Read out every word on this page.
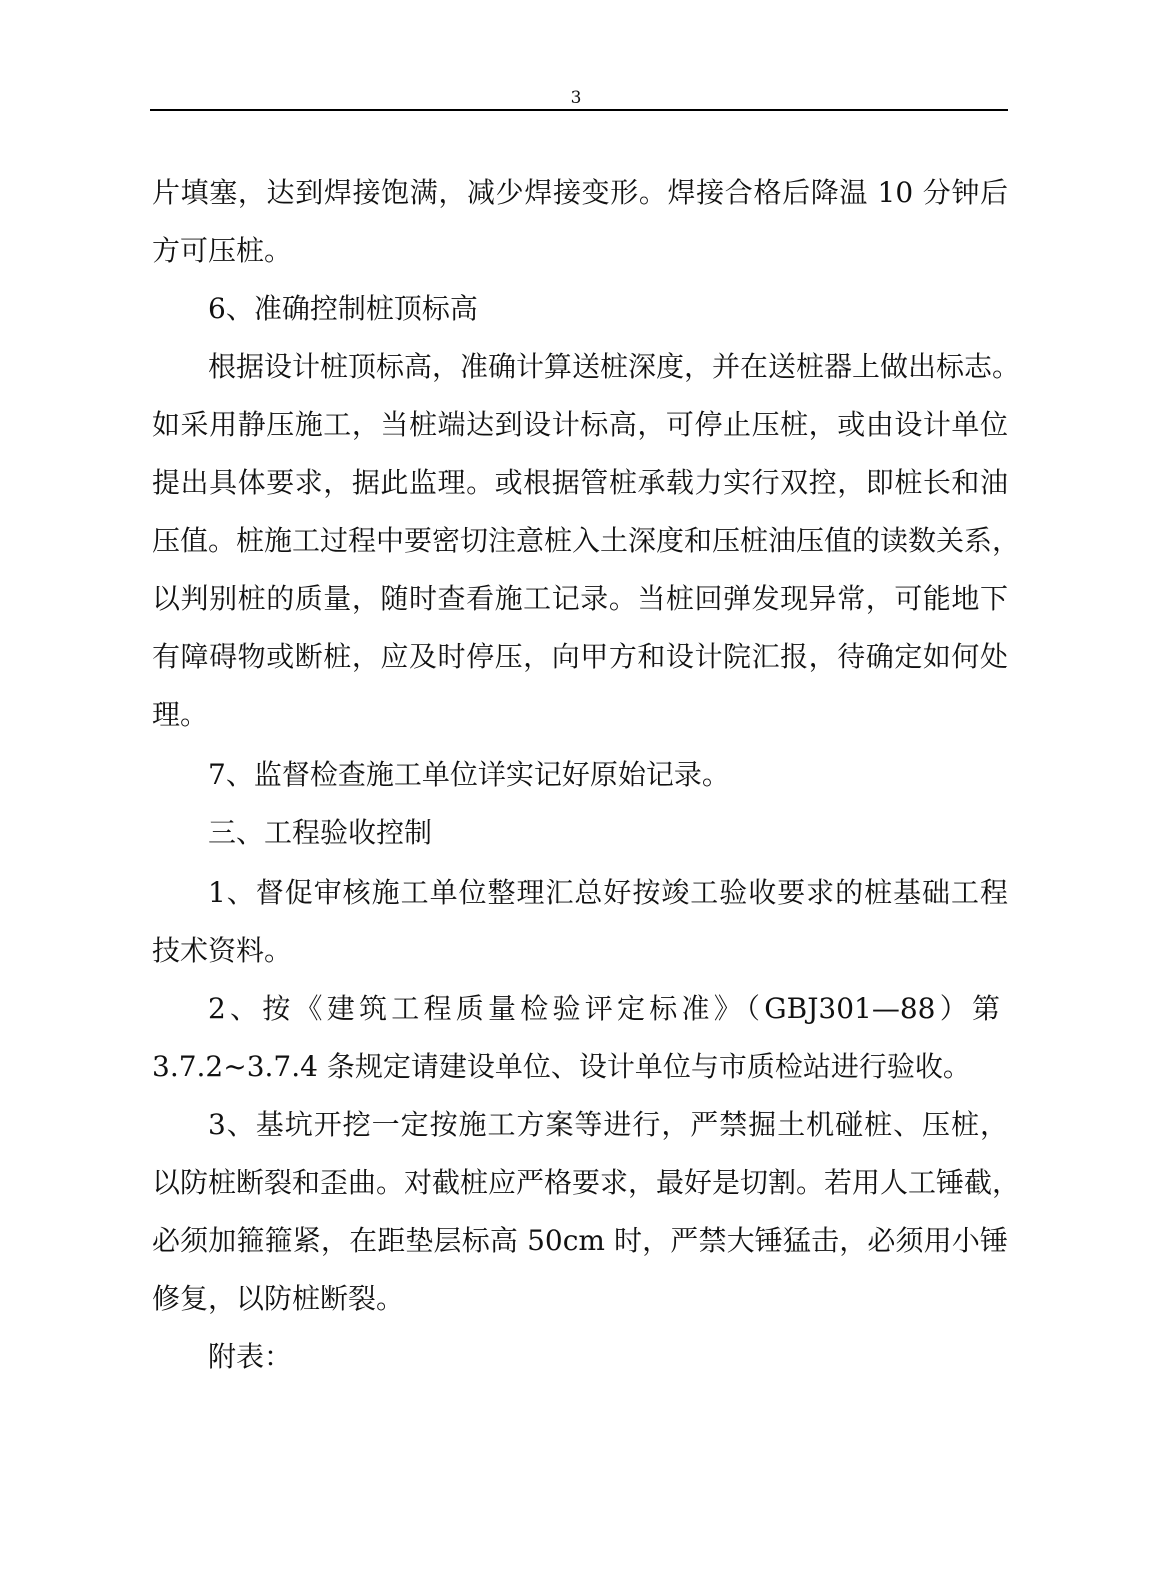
3
片填塞，达到焊接饱满，减少焊接变形。焊接合格后降温 10 分钟后
方可压桩。
6、准确控制桩顶标高
根据设计桩顶标高，准确计算送桩深度，并在送桩器上做出标志。
如采用静压施工，当桩端达到设计标高，可停止压桩，或由设计单位
提出具体要求，据此监理。或根据管桩承载力实行双控，即桩长和油
压值。桩施工过程中要密切注意桩入土深度和压桩油压值的读数关系，
以判别桩的质量，随时查看施工记录。当桩回弹发现异常，可能地下
有障碍物或断桩，应及时停压，向甲方和设计院汇报，待确定如何处
理。
7、监督检查施工单位详实记好原始记录。
三、工程验收控制
1、督促审核施工单位整理汇总好按竣工验收要求的桩基础工程
技术资料。
2、按《建筑工程质量检验评定标准》（GBJ301—88）第
3.7.2~3.7.4 条规定请建设单位、设计单位与市质检站进行验收。
3、基坑开挖一定按施工方案等进行，严禁掘土机碰桩、压桩，
以防桩断裂和歪曲。对截桩应严格要求，最好是切割。若用人工锤截，
必须加箍箍紧，在距垫层标高 50cm 时，严禁大锤猛击，必须用小锤
修复，以防桩断裂。
附表：
